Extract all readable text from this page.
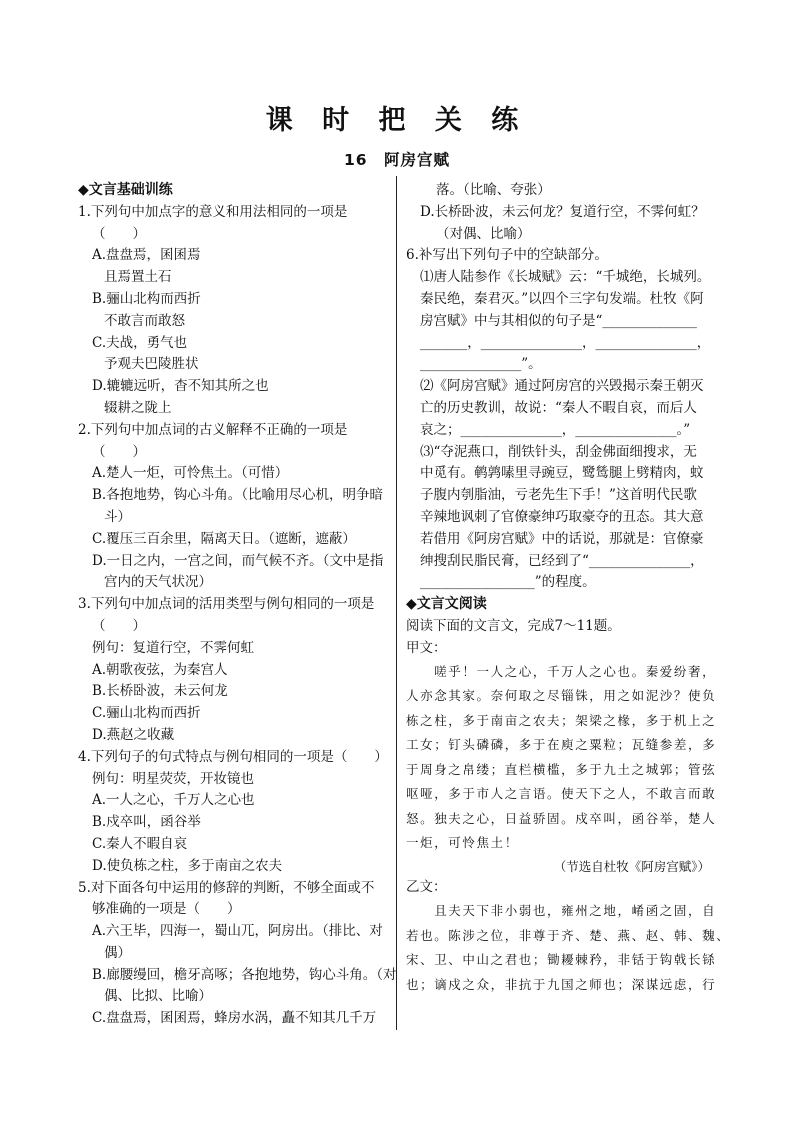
课 时 把 关 练
16　阿房宫赋
◆文言基础训练
1.下列句中加点字的意义和用法相同的一项是
（　　）
A.盘盘焉，囷囷焉
且焉置土石
B.骊山北构而西折
不敢言而敢怒
C.夫战，勇气也
予观夫巴陵胜状
D.辘辘远听，杳不知其所之也
辍耕之陇上
2.下列句中加点词的古义解释不正确的一项是
（　　）
A.楚人一炬，可怜焦土。（可惜）
B.各抱地势，钩心斗角。（比喻用尽心机，明争暗
斗）
C.覆压三百余里，隔离天日。（遮断，遮蔽）
D.一日之内，一宫之间，而气候不齐。（文中是指
宫内的天气状况）
3.下列句中加点词的活用类型与例句相同的一项是
（　　）
例句：复道行空，不霁何虹
A.朝歌夜弦，为秦宫人
B.长桥卧波，未云何龙
C.骊山北构而西折
D.燕赵之收藏
4.下列句子的句式特点与例句相同的一项是（　　）
例句：明星荧荧，开妆镜也
A.一人之心，千万人之心也
B.戍卒叫，函谷举
C.秦人不暇自哀
D.使负栋之柱，多于南亩之农夫
5.对下面各句中运用的修辞的判断，不够全面或不
够准确的一项是（　　）
A.六王毕，四海一，蜀山兀，阿房出。（排比、对
偶）
B.廊腰缦回，檐牙高啄；各抱地势，钩心斗角。（对
偶、比拟、比喻）
C.盘盘焉，囷囷焉，蜂房水涡，矗不知其几千万
落。（比喻、夸张）
D.长桥卧波，未云何龙？复道行空，不霁何虹？
（对偶、比喻）
6.补写出下列句子中的空缺部分。
⑴唐人陆参作《长城赋》云：“千城绝，长城列。
秦民绝，秦君灭。”以四个三字句发端。杜牧《阿
房宫赋》中与其相似的句子是“______________
_______，_______________，_______________，
_______________”。
⑵《阿房宫赋》通过阿房宫的兴毁揭示秦王朝灭
亡的历史教训，故说：“秦人不暇自哀，而后人
哀之；_______________，_______________。”
⑶“夺泥燕口，削铁针头，刮金佛面细搜求，无
中觅有。鹌鹑嗉里寻豌豆，鹭鸶腿上劈精肉，蚊
子腹内刳脂油，亏老先生下手！”这首明代民歌
辛辣地讽刺了官僚豪绅巧取豪夺的丑态。其大意
若借用《阿房宫赋》中的话说，那就是：官僚豪
绅搜刮民脂民膏，已经到了“_______________，
_________________”的程度。
◆文言文阅读
阅读下面的文言文，完成7～11题。
甲文：
　　嗟乎！一人之心，千万人之心也。秦爱纷奢，
人亦念其家。奈何取之尽锱铢，用之如泥沙？使负
栋之柱，多于南亩之农夫；架梁之椽，多于机上之
工女；钉头磷磷，多于在庾之粟粒；瓦缝参差，多
于周身之帛缕；直栏横槛，多于九土之城郭；管弦
呕哑，多于市人之言语。使天下之人，不敢言而敢
怒。独夫之心，日益骄固。戍卒叫，函谷举，楚人
一炬，可怜焦土！
（节选自杜牧《阿房宫赋》）
乙文：
　　且夫天下非小弱也，雍州之地，崤函之固，自
若也。陈涉之位，非尊于齐、楚、燕、赵、韩、魏、
宋、卫、中山之君也；锄耰棘矜，非铦于钩戟长铩
也；谪戍之众，非抗于九国之师也；深谋远虑，行
